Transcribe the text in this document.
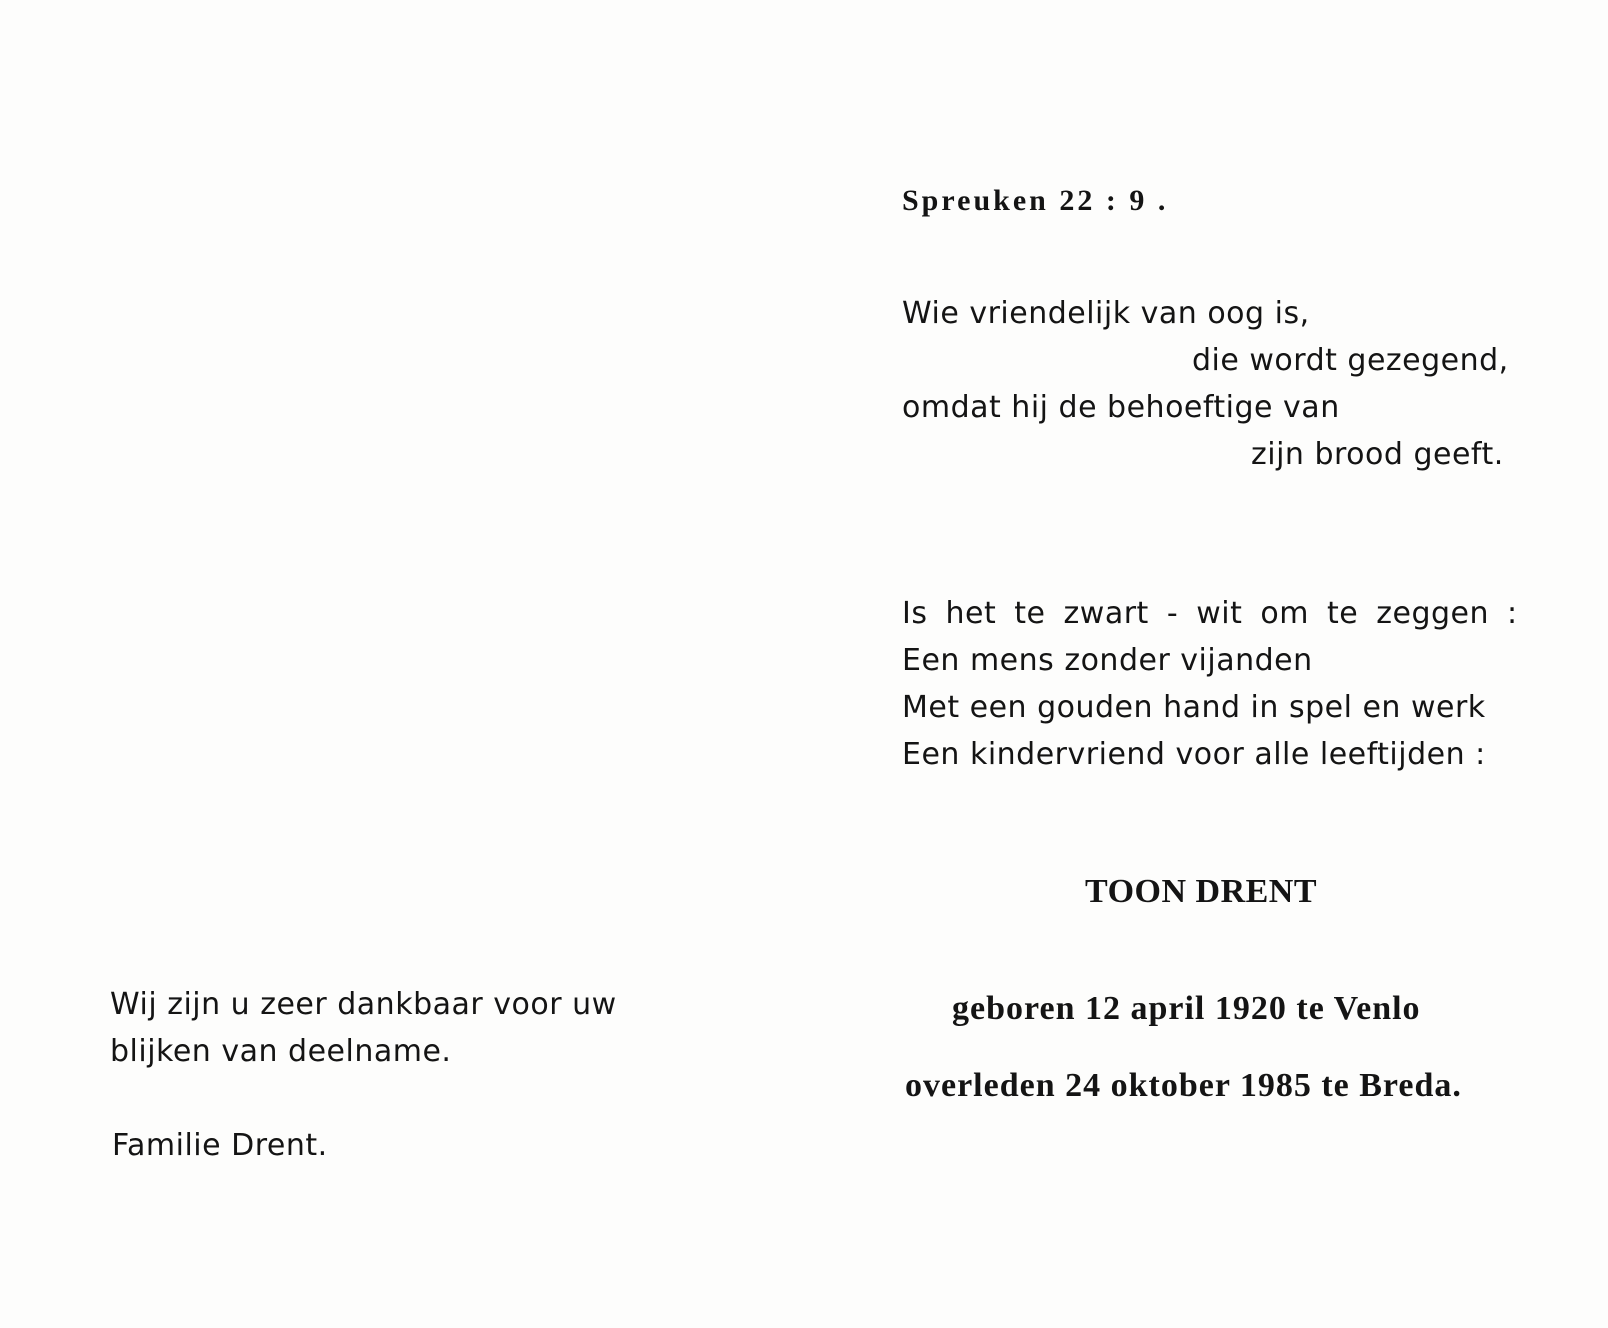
Spreuken 22 : 9 .
Wie vriendelijk van oog is,
die wordt gezegend,
omdat hij de behoeftige van
zijn brood geeft.
Is het te zwart - wit om te zeggen :
Een mens zonder vijanden
Met een gouden hand in spel en werk
Een kindervriend voor alle leeftijden :
TOON DRENT
geboren 12 april 1920 te Venlo
overleden 24 oktober 1985 te Breda.
Wij zijn u zeer dankbaar voor uw
blijken van deelname.
Familie Drent.
